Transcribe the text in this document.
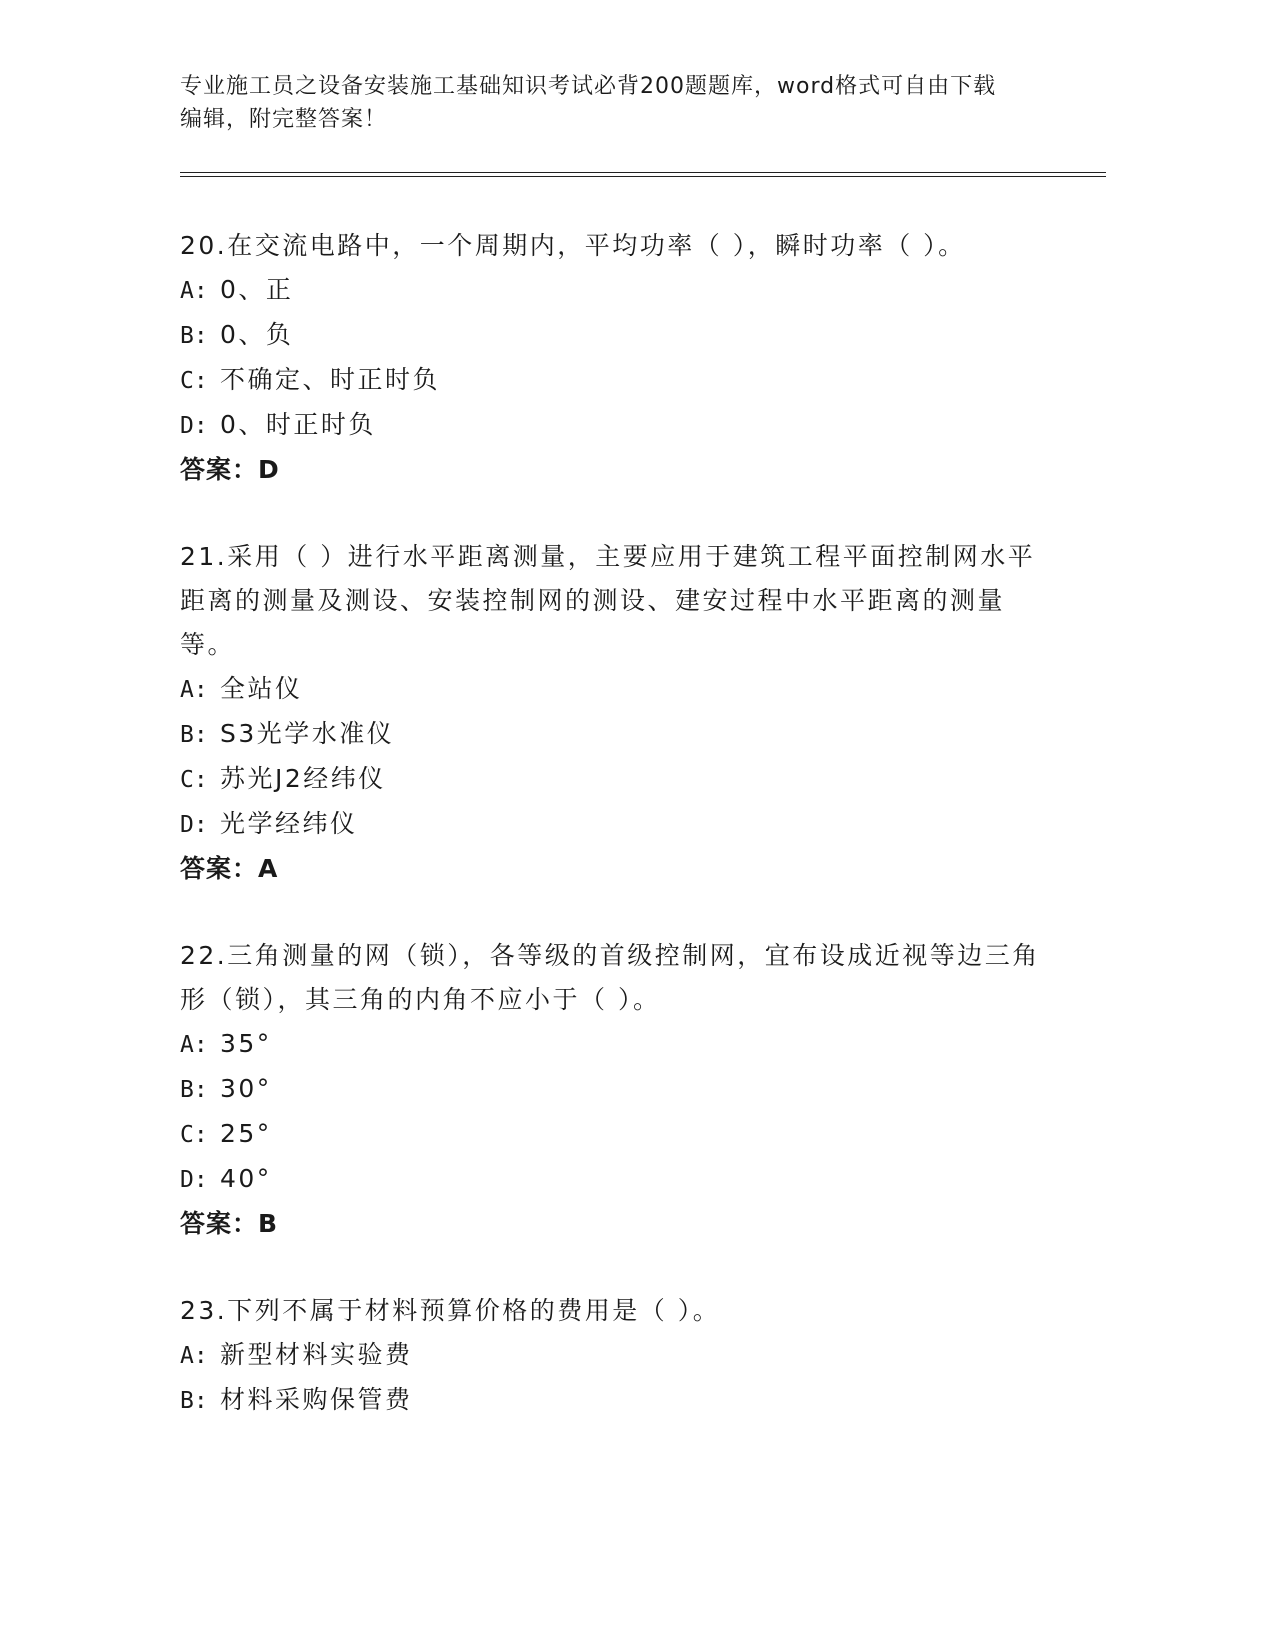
专业施工员之设备安装施工基础知识考试必背200题题库，word格式可自由下载
编辑，附完整答案！
20.在交流电路中，一个周期内，平均功率（ ），瞬时功率（ ）。
A: 0、正
B: 0、负
C: 不确定、时正时负
D: 0、时正时负
答案：D
21.采用（ ）进行水平距离测量，主要应用于建筑工程平面控制网水平距离的测量及测设、安装控制网的测设、建安过程中水平距离的测量等。
A: 全站仪
B: S3光学水准仪
C: 苏光J2经纬仪
D: 光学经纬仪
答案：A
22.三角测量的网（锁），各等级的首级控制网，宜布设成近视等边三角形（锁），其三角的内角不应小于（ ）。
A: 35°
B: 30°
C: 25°
D: 40°
答案：B
23.下列不属于材料预算价格的费用是（ ）。
A: 新型材料实验费
B: 材料采购保管费
